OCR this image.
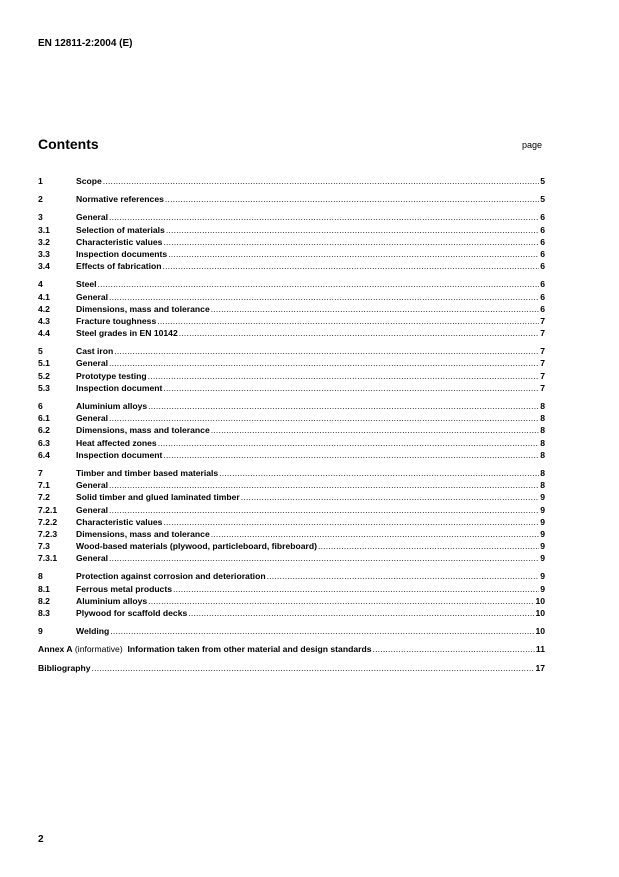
EN 12811-2:2004 (E)
Contents	page
1	Scope .....	5
2	Normative references .....	5
3	General .....	6
3.1	Selection of materials .....	6
3.2	Characteristic values .....	6
3.3	Inspection documents .....	6
3.4	Effects of fabrication .....	6
4	Steel .....	6
4.1	General .....	6
4.2	Dimensions, mass and tolerance .....	6
4.3	Fracture toughness .....	7
4.4	Steel grades in EN 10142 .....	7
5	Cast iron .....	7
5.1	General .....	7
5.2	Prototype testing .....	7
5.3	Inspection document .....	7
6	Aluminium alloys .....	8
6.1	General .....	8
6.2	Dimensions, mass and tolerance .....	8
6.3	Heat affected zones .....	8
6.4	Inspection document .....	8
7	Timber and timber based materials .....	8
7.1	General .....	8
7.2	Solid timber and glued laminated timber .....	9
7.2.1	General .....	9
7.2.2	Characteristic values .....	9
7.2.3	Dimensions, mass and tolerance .....	9
7.3	Wood-based materials (plywood, particleboard, fibreboard) .....	9
7.3.1	General .....	9
8	Protection against corrosion and deterioration .....	9
8.1	Ferrous metal products .....	9
8.2	Aluminium alloys .....	10
8.3	Plywood for scaffold decks .....	10
9	Welding .....	10
Annex A (informative)  Information taken from other material and design standards .....	11
Bibliography .....	17
2
